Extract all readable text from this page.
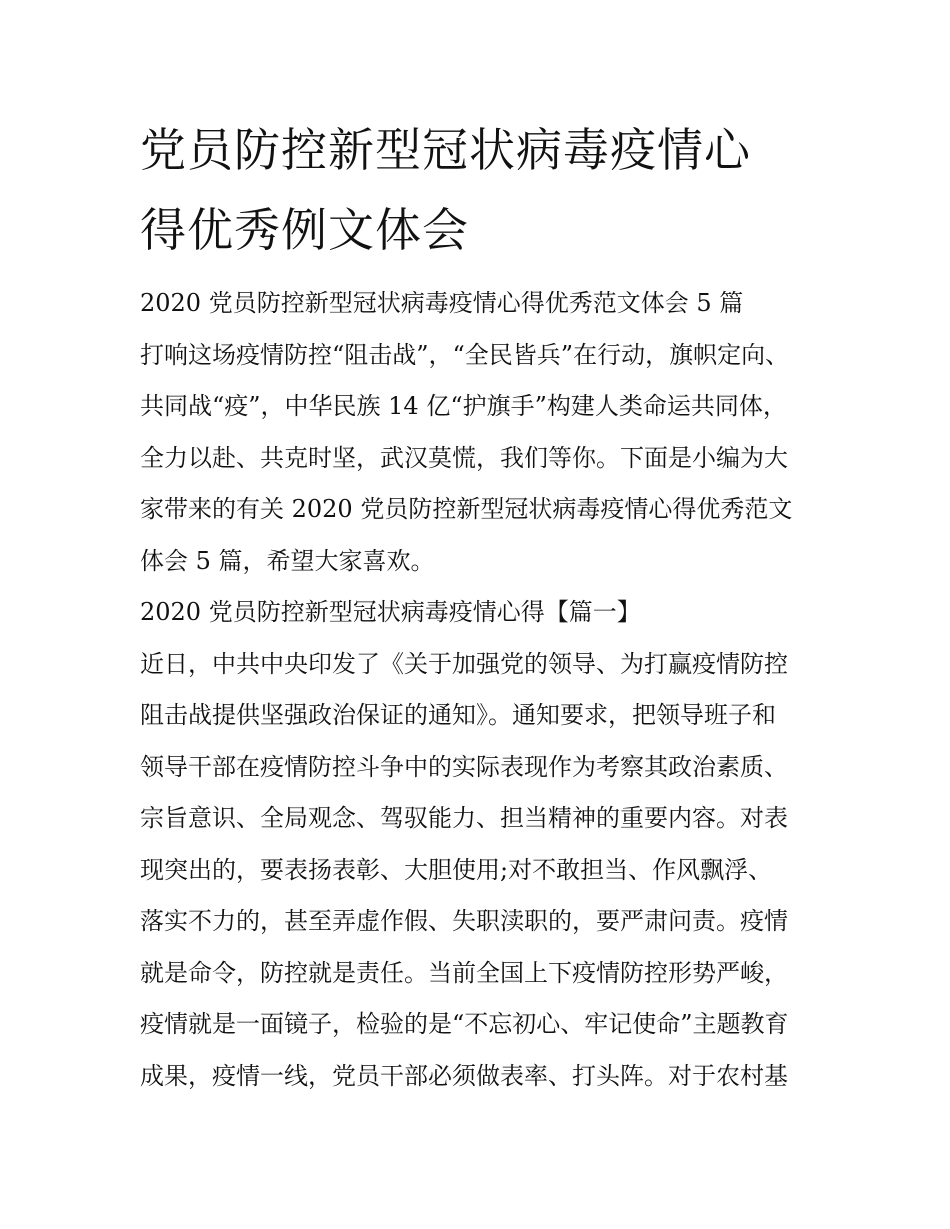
党员防控新型冠状病毒疫情心
得优秀例文体会
2020 党员防控新型冠状病毒疫情心得优秀范文体会 5 篇
打响这场疫情防控“阻击战”，“全民皆兵”在行动，旗帜定向、
共同战“疫”，中华民族 14 亿“护旗手”构建人类命运共同体，
全力以赴、共克时坚，武汉莫慌，我们等你。下面是小编为大
家带来的有关 2020 党员防控新型冠状病毒疫情心得优秀范文
体会 5 篇，希望大家喜欢。
2020 党员防控新型冠状病毒疫情心得【篇一】
近日，中共中央印发了《关于加强党的领导、为打赢疫情防控
阻击战提供坚强政治保证的通知》。通知要求，把领导班子和
领导干部在疫情防控斗争中的实际表现作为考察其政治素质、
宗旨意识、全局观念、驾驭能力、担当精神的重要内容。对表
现突出的，要表扬表彰、大胆使用;对不敢担当、作风飘浮、
落实不力的，甚至弄虚作假、失职渎职的，要严肃问责。疫情
就是命令，防控就是责任。当前全国上下疫情防控形势严峻，
疫情就是一面镜子，检验的是“不忘初心、牢记使命”主题教育
成果，疫情一线，党员干部必须做表率、打头阵。对于农村基
